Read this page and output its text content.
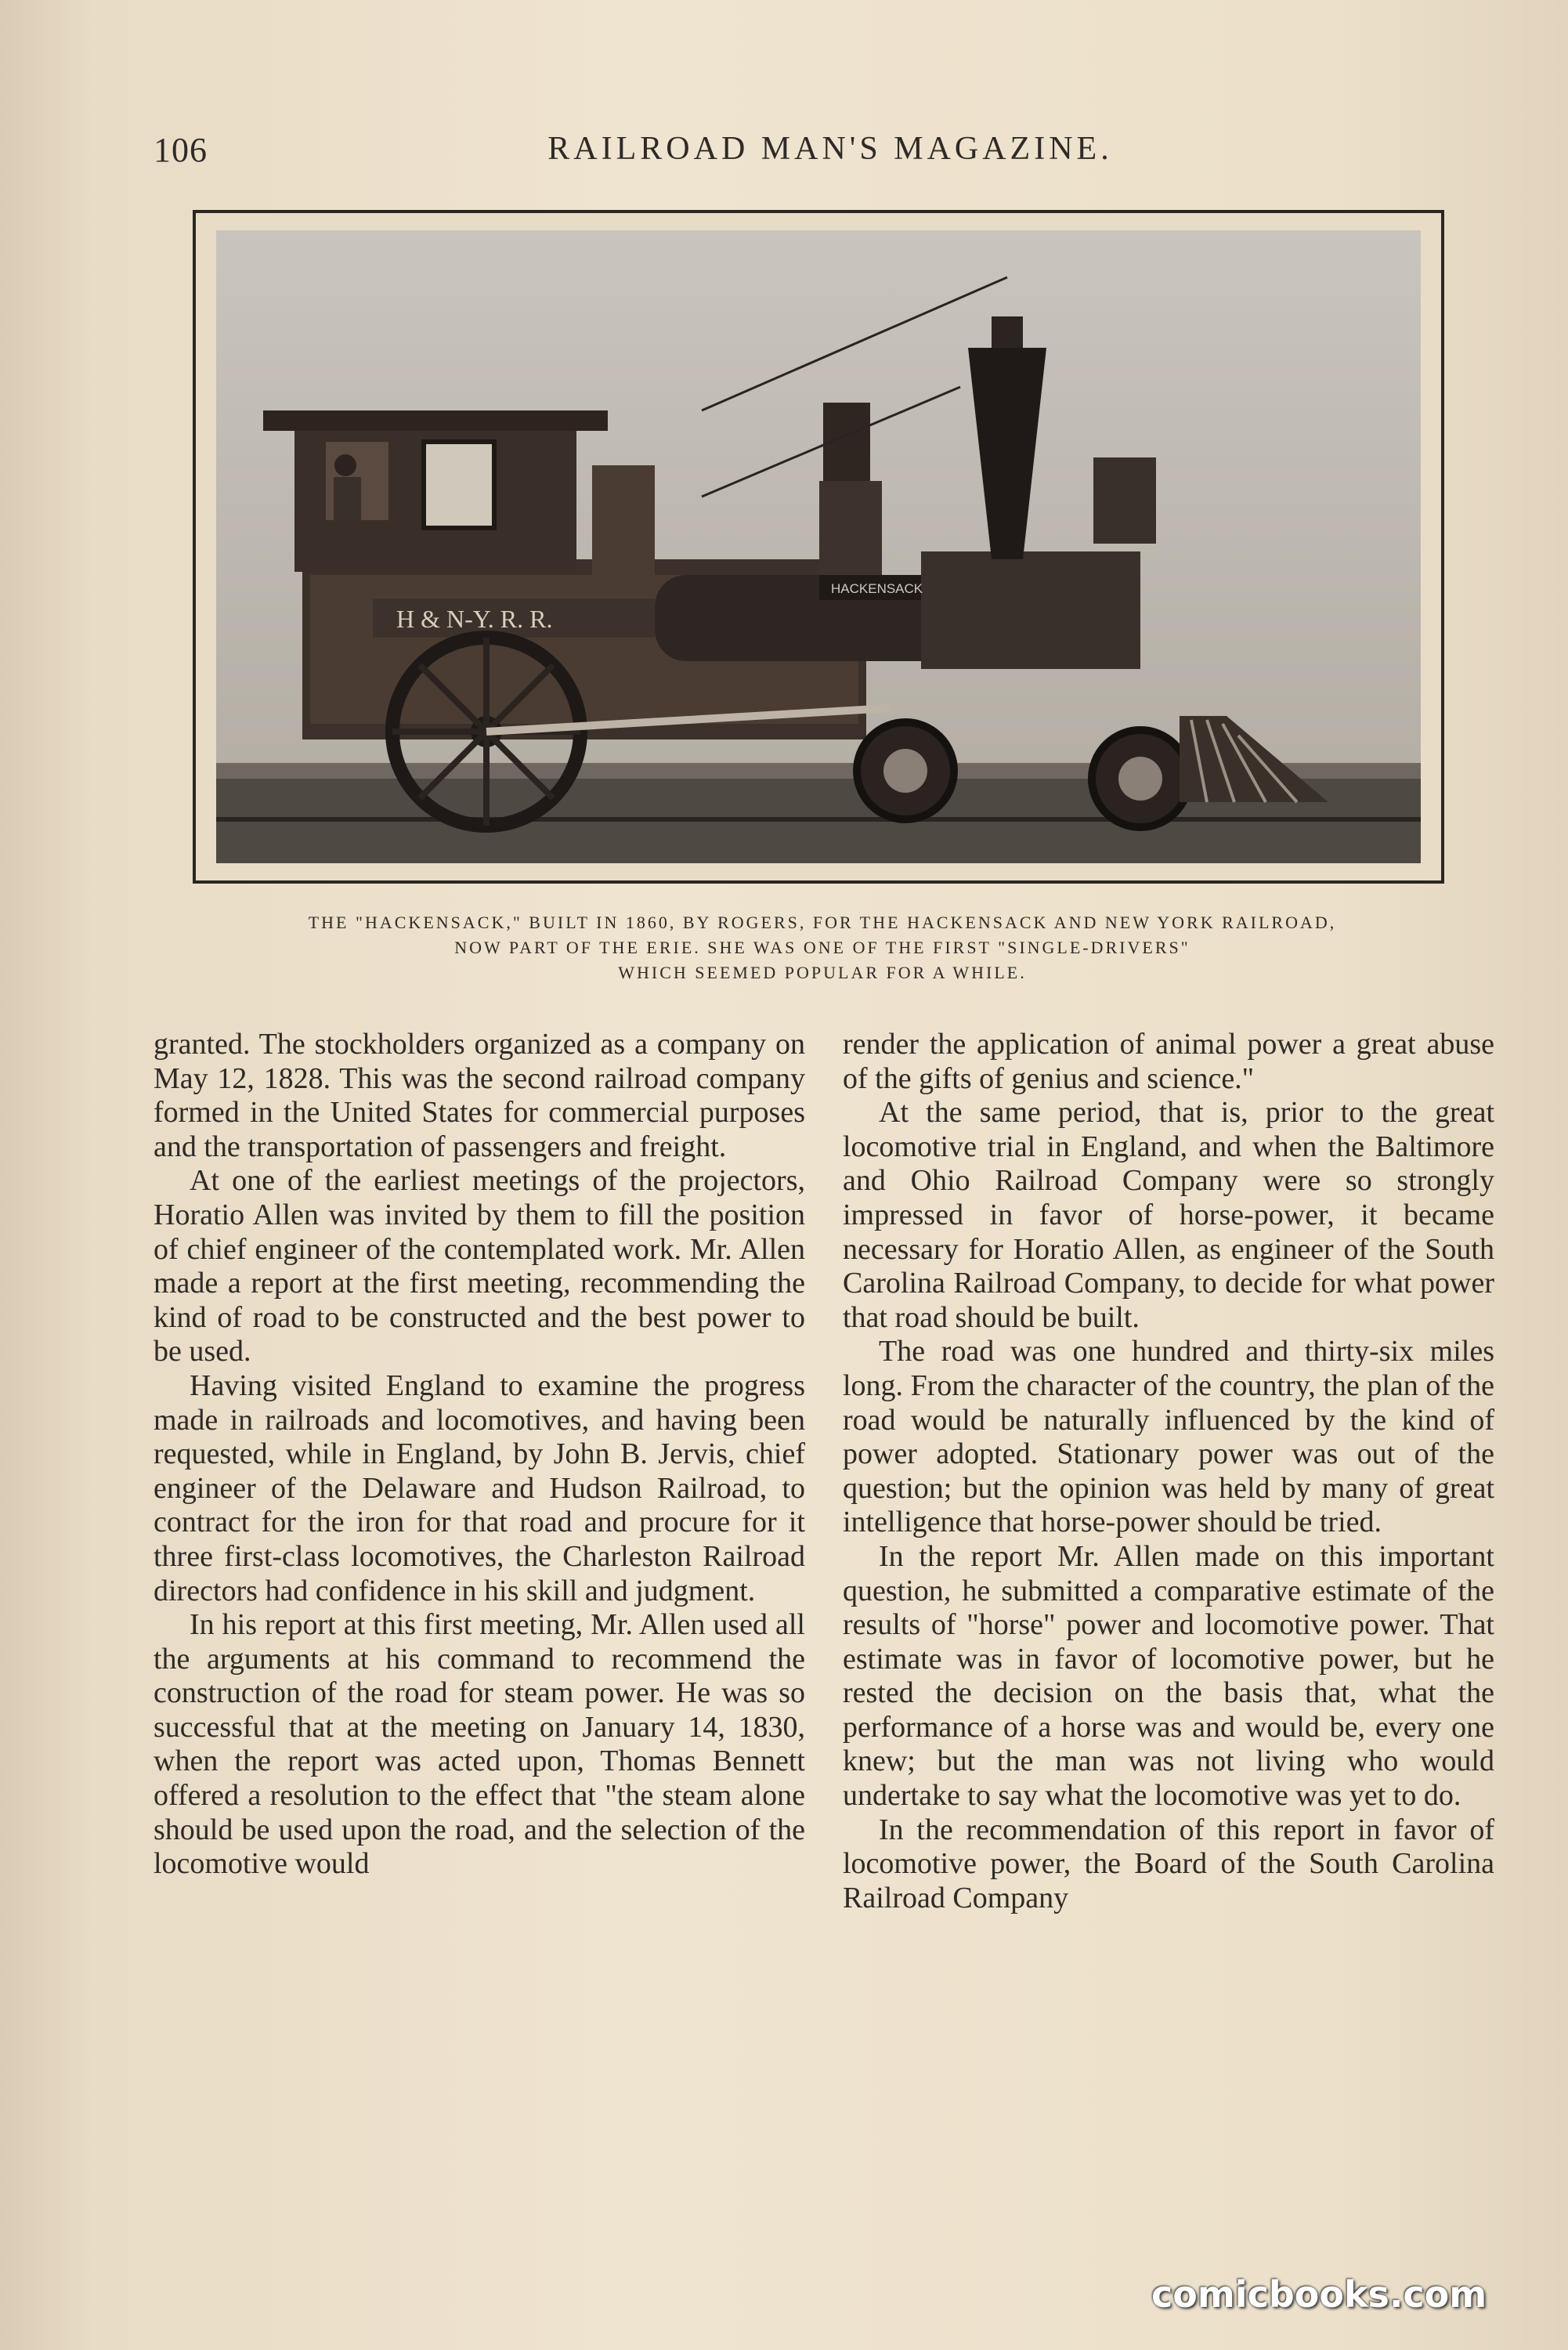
106	RAILROAD MAN'S MAGAZINE.
H & N-Y. R. R.
HACKENSACK

THE "HACKENSACK," BUILT IN 1860, BY ROGERS, FOR THE HACKENSACK AND NEW YORK RAILROAD,

NOW PART OF THE ERIE. SHE WAS ONE OF THE FIRST "SINGLE-DRIVERS"

WHICH SEEMED POPULAR FOR A WHILE.

granted. The stockholders organized as a company on May 12, 1828. This was the second railroad company formed in the United States for commercial purposes and the transportation of passengers and freight.

At one of the earliest meetings of the projectors, Horatio Allen was invited by them to fill the position of chief engineer of the contemplated work. Mr. Allen made a report at the first meeting, recommending the kind of road to be constructed and the best power to be used.

Having visited England to examine the progress made in railroads and locomotives, and having been requested, while in England, by John B. Jervis, chief engineer of the Delaware and Hudson Railroad, to contract for the iron for that road and procure for it three first-class locomotives, the Charleston Railroad directors had confidence in his skill and judgment.

In his report at this first meeting, Mr. Allen used all the arguments at his command to recommend the construction of the road for steam power. He was so successful that at the meeting on January 14, 1830, when the report was acted upon, Thomas Bennett offered a resolution to the effect that "the steam alone should be used upon the road, and the selection of the locomotive would

render the application of animal power a great abuse of the gifts of genius and science."

At the same period, that is, prior to the great locomotive trial in England, and when the Baltimore and Ohio Railroad Company were so strongly impressed in favor of horse-power, it became necessary for Horatio Allen, as engineer of the South Carolina Railroad Company, to decide for what power that road should be built.

The road was one hundred and thirty-six miles long. From the character of the country, the plan of the road would be naturally influenced by the kind of power adopted. Stationary power was out of the question; but the opinion was held by many of great intelligence that horse-power should be tried.

In the report Mr. Allen made on this important question, he submitted a comparative estimate of the results of "horse" power and locomotive power. That estimate was in favor of locomotive power, but he rested the decision on the basis that, what the performance of a horse was and would be, every one knew; but the man was not living who would undertake to say what the locomotive was yet to do.

In the recommendation of this report in favor of locomotive power, the Board of the South Carolina Railroad Company

comicbooks.com
